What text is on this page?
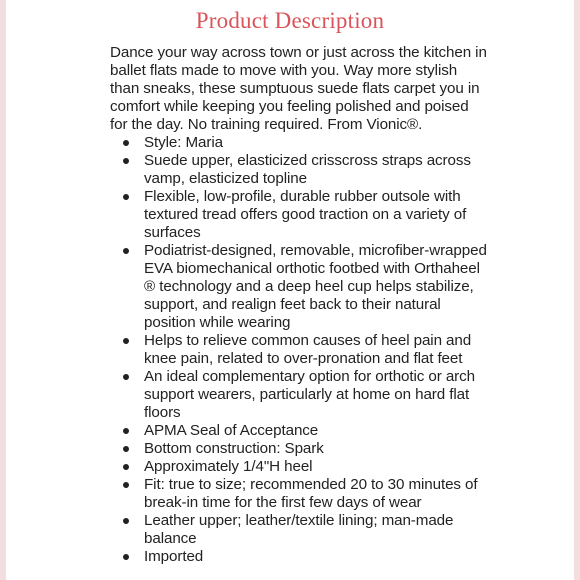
Product Description

Dance your way across town or just across the kitchen in ballet flats made to move with you. Way more stylish than sneaks, these sumptuous suede flats carpet you in comfort while keeping you feeling polished and poised for the day. No training required. From Vionic®.

Style: Maria
Suede upper, elasticized crisscross straps across vamp, elasticized topline
Flexible, low-profile, durable rubber outsole with textured tread offers good traction on a variety of surfaces
Podiatrist-designed, removable, microfiber-wrapped EVA biomechanical orthotic footbed with Orthaheel ® technology and a deep heel cup helps stabilize, support, and realign feet back to their natural position while wearing
Helps to relieve common causes of heel pain and knee pain, related to over-pronation and flat feet
An ideal complementary option for orthotic or arch support wearers, particularly at home on hard flat floors
APMA Seal of Acceptance
Bottom construction: Spark
Approximately 1/4"H heel
Fit: true to size; recommended 20 to 30 minutes of break-in time for the first few days of wear
Leather upper; leather/textile lining; man-made balance
Imported
